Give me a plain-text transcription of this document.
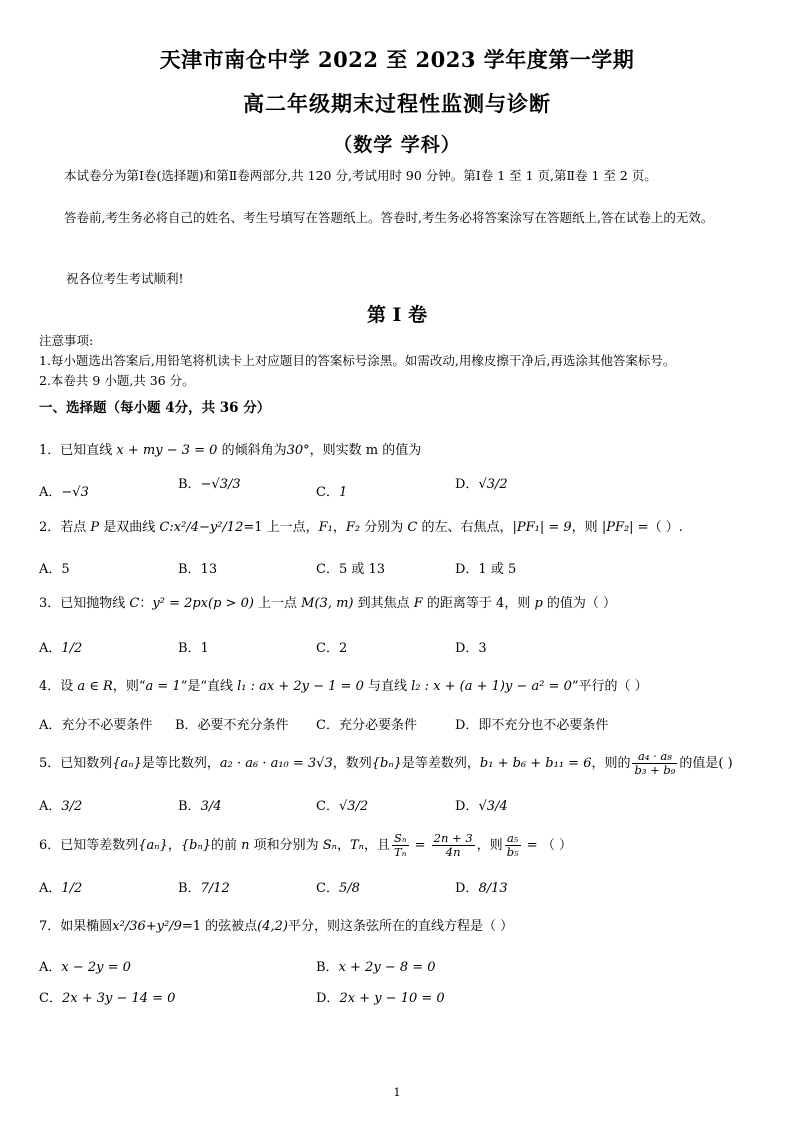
天津市南仓中学 2022 至 2023 学年度第一学期
高二年级期末过程性监测与诊断
（数学 学科）
本试卷分为第Ⅰ卷(选择题)和第Ⅱ卷两部分,共 120 分,考试用时 90 分钟。第Ⅰ卷 1 至 1 页,第Ⅱ卷 1 至 2 页。
答卷前,考生务必将自己的姓名、考生号填写在答题纸上。答卷时,考生务必将答案涂写在答题纸上,答在试卷上的无效。
祝各位考生考试顺利!
第 Ⅰ 卷
注意事项:
1.每小题选出答案后,用铅笔将机读卡上对应题目的答案标号涂黑。如需改动,用橡皮擦干净后,再选涂其他答案标号。
2.本卷共 9 小题,共 36 分。
一、选择题（每小题 4分，共 36 分）
1．已知直线 x + my − 3 = 0 的倾斜角为30°，则实数 m 的值为
A．−√3
B．−√3/3
C．1
D．√3/2
2．若点 P 是双曲线 C:x²/4−y²/12=1 上一点，F₁，F₂ 分别为 C 的左、右焦点，|PF₁| = 9，则 |PF₂| =（ ）.
A．5	B．13	C．5 或 13	D．1 或 5
3．已知抛物线 C：y² = 2px(p > 0) 上一点 M(3, m) 到其焦点 F 的距离等于 4，则 p 的值为（ ）
A．1/2	B．1	C．2	D．3
4．设 a ∈ R，则“a = 1”是“直线 l₁ : ax + 2y − 1 = 0 与直线 l₂ : x + (a + 1)y − a² = 0”平行的（ ）
A．充分不必要条件 B．必要不充分条件 C．充分必要条件	D．即不充分也不必要条件
5．已知数列{aₙ}是等比数列，a₂ · a₆ · a₁₀ = 3√3，数列{bₙ}是等差数列，b₁ + b₆ + b₁₁ = 6，则的 $\frac{\text{a₄ · a₈}}{\text{b₃ + b₉}}$ 的值是( )
A．3/2	B．3/4	C．√3/2	D．√3/4
6．已知等差数列{aₙ}，{bₙ}的前 n 项和分别为 Sₙ，Tₙ，且 $\frac{\text{Sₙ}}{\text{Tₙ}} = \frac{2n + 3}{4n}$ ，则 $\frac{\text{a₅}}{\text{b₅}}$ = （ ）
A．1/2	B．7/12	C．5/8	D．8/13
7．如果椭圆x²/36+y²/9=1 的弦被点(4,2)平分，则这条弦所在的直线方程是（ ）
A．x − 2y = 0	B．x + 2y − 8 = 0
C．2x + 3y − 14 = 0	D．2x + y − 10 = 0
1
